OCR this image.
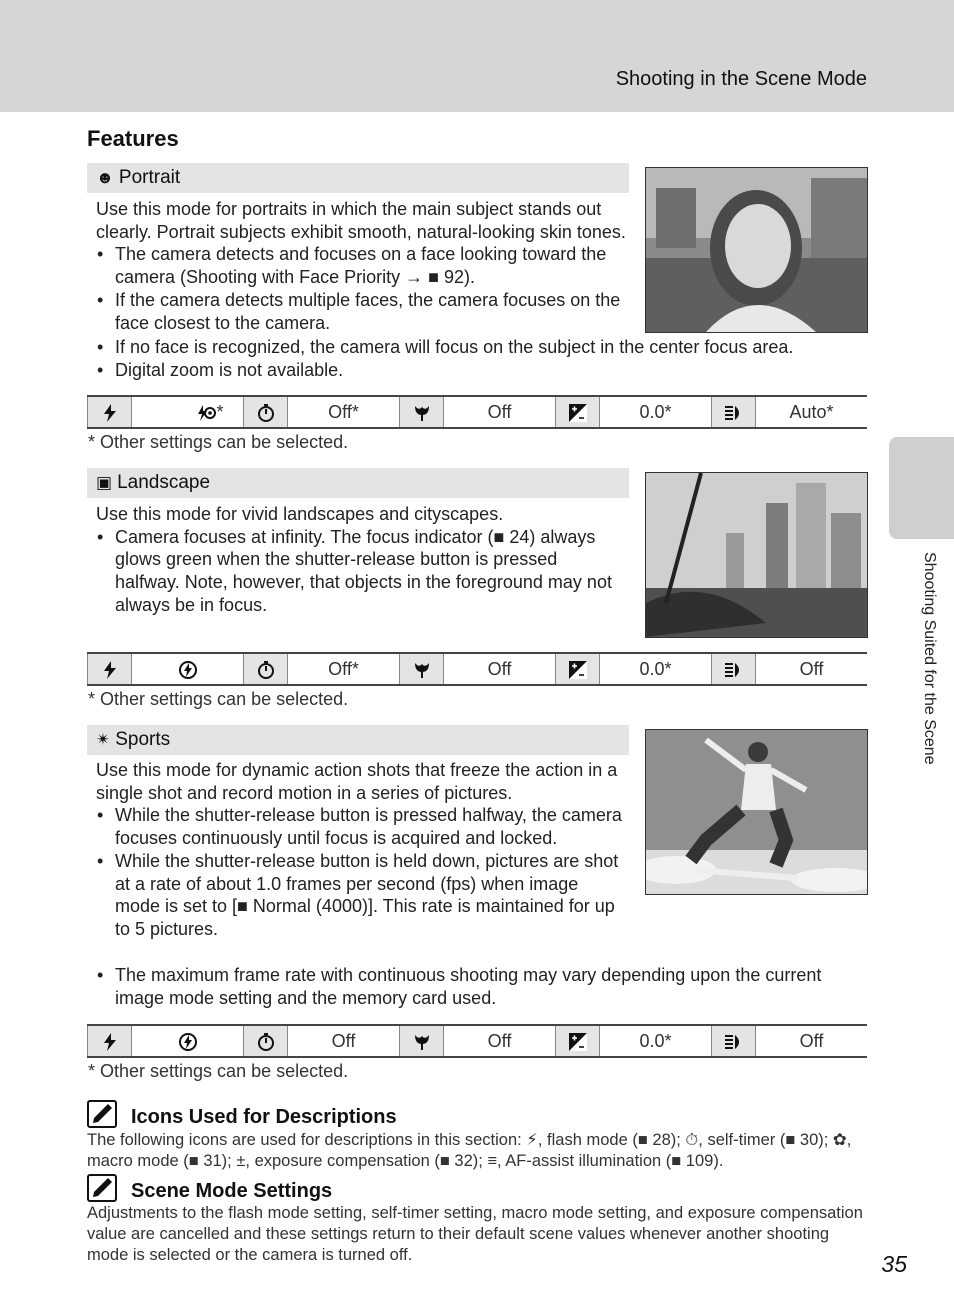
Shooting in the Scene Mode
Shooting Suited for the Scene
Features
☻ Portrait

Use this mode for portraits in which the main subject stands out clearly. Portrait subjects exhibit smooth, natural-looking skin tones.

• The camera detects and focuses on a face looking toward the camera (Shooting with Face Priority → ■ 92).
• If the camera detects multiple faces, the camera focuses on the face closest to the camera.
• If no face is recognized, the camera will focus on the subject in the center focus area.
• Digital zoom is not available.
*	Off*	Off	0.0*	Auto*
* Other settings can be selected.
▣ Landscape

Use this mode for vivid landscapes and cityscapes.

• Camera focuses at infinity. The focus indicator (■ 24) always glows green when the shutter-release button is pressed halfway. Note, however, that objects in the foreground may not always be in focus.
Off*	Off	0.0*	Off
* Other settings can be selected.
✴ Sports

Use this mode for dynamic action shots that freeze the action in a single shot and record motion in a series of pictures.

• While the shutter-release button is pressed halfway, the camera focuses continuously until focus is acquired and locked.
• While the shutter-release button is held down, pictures are shot at a rate of about 1.0 frames per second (fps) when image mode is set to [■ Normal (4000)]. This rate is maintained for up to 5 pictures.
• The maximum frame rate with continuous shooting may vary depending upon the current image mode setting and the memory card used.
Off	Off	0.0*	Off
* Other settings can be selected.
Icons Used for Descriptions
The following icons are used for descriptions in this section: ⚡, flash mode (■ 28); ⏱, self-timer (■ 30); ✿, macro mode (■ 31); ±, exposure compensation (■ 32); ≡, AF-assist illumination (■ 109).
Scene Mode Settings
Adjustments to the flash mode setting, self-timer setting, macro mode setting, and exposure compensation value are cancelled and these settings return to their default scene values whenever another shooting mode is selected or the camera is turned off.	35
